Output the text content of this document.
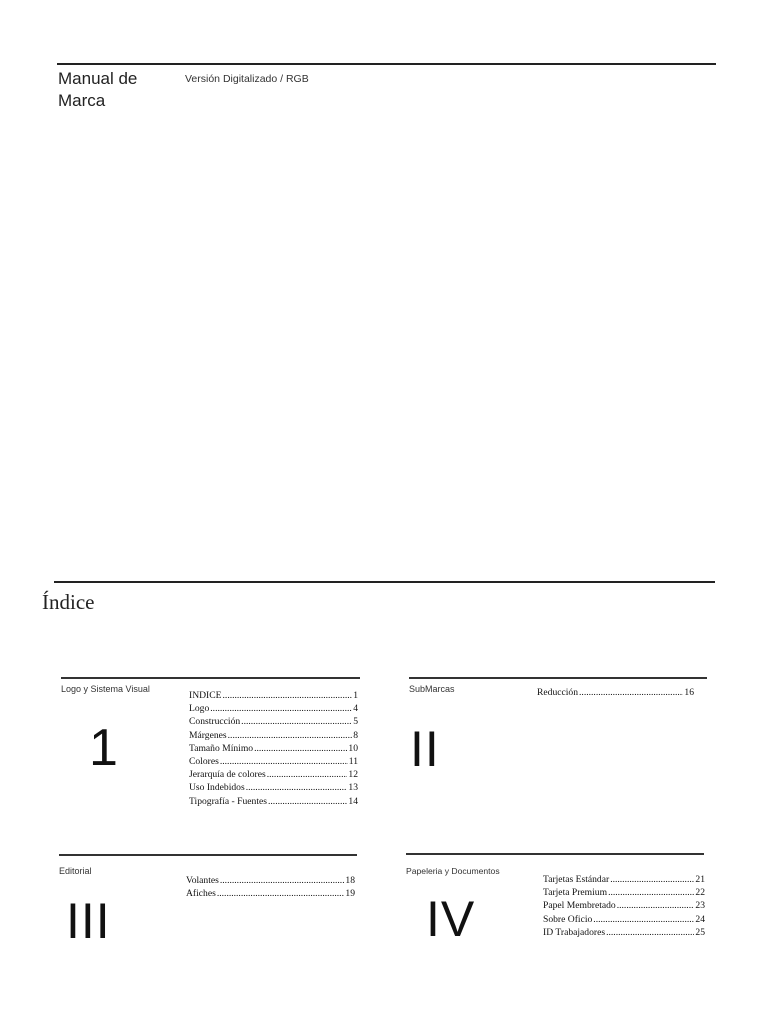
Manual de Marca
Versión Digitalizado / RGB
Índice
Logo y Sistema Visual
1
INDICE .....	1
Logo .....	4
Construcción .....	5
Márgenes .....	8
Tamaño Mínimo .....	10
Colores .....	11
Jerarquía de colores .....	12
Uso Indebidos .....	13
Tipografía - Fuentes .....	14
SubMarcas
II
Reducción .....	16
Editorial
III
Volantes .....	18
Afiches .....	19
Papeleria y Documentos
IV
Tarjetas Estándar .....	21
Tarjeta Premium .....	22
Papel Membretado .....	23
Sobre Oficio .....	24
ID Trabajadores .....	25
